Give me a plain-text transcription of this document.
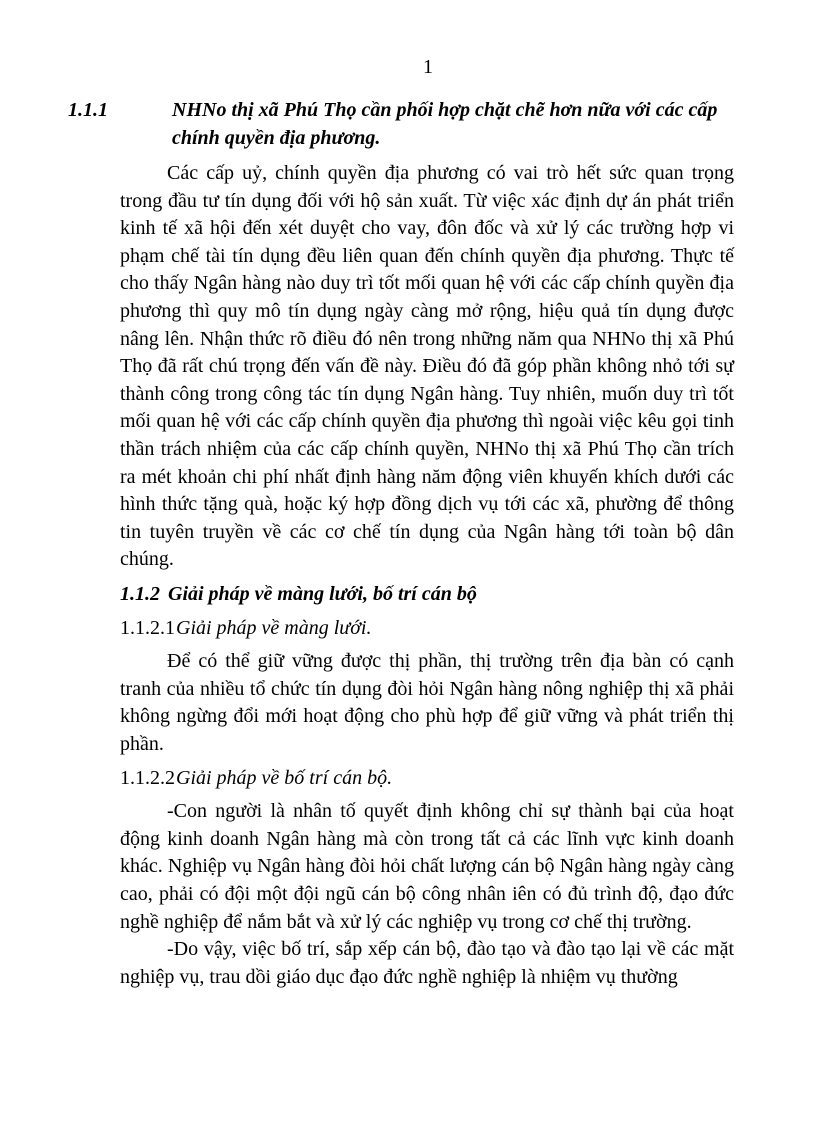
1

1.1.1	NHNo thị xã Phú Thọ cần phối hợp chặt chẽ hơn nữa với các cấp chính quyền địa phương.

Các cấp uỷ, chính quyền địa phương có vai trò hết sức quan trọng trong đầu tư tín dụng đối với hộ sản xuất. Từ việc xác định dự án phát triển kinh tế xã hội đến xét duyệt cho vay, đôn đốc và xử lý các trường hợp vi phạm chế tài tín dụng đều liên quan đến chính quyền địa phương. Thực tế cho thấy Ngân hàng nào duy trì tốt mối quan hệ với các cấp chính quyền địa phương thì quy mô tín dụng ngày càng mở rộng, hiệu quả tín dụng được nâng lên. Nhận thức rõ điều đó nên trong những năm qua NHNo thị xã Phú Thọ đã rất chú trọng đến vấn đề này. Điều đó đã góp phần không nhỏ tới sự thành công trong công tác tín dụng Ngân hàng. Tuy nhiên, muốn duy trì tốt mối quan hệ với các cấp chính quyền địa phương thì ngoài việc kêu gọi tinh thần trách nhiệm của các cấp chính quyền, NHNo thị xã Phú Thọ cần trích ra mét khoản chi phí nhất định hàng năm động viên khuyến khích dưới các hình thức tặng quà, hoặc ký hợp đồng dịch vụ tới các xã, phường để thông tin tuyên truyền về các cơ chế tín dụng của Ngân hàng tới toàn bộ dân chúng.

1.1.2 Giải pháp về màng lưới, bố trí cán bộ

1.1.2.1Giải pháp về màng lưới.

Để có thể giữ vững được thị phần, thị trường trên địa bàn có cạnh tranh của nhiều tổ chức tín dụng đòi hỏi Ngân hàng nông nghiệp thị xã phải không ngừng đổi mới hoạt động cho phù hợp để giữ vững và phát triển thị phần.

1.1.2.2Giải pháp về bố trí cán bộ.

-Con người là nhân tố quyết định không chỉ sự thành bại của hoạt động kinh doanh Ngân hàng mà còn trong tất cả các lĩnh vực kinh doanh khác. Nghiệp vụ Ngân hàng đòi hỏi chất lượng cán bộ Ngân hàng ngày càng cao, phải có đội một đội ngũ cán bộ công nhân iên có đủ trình độ, đạo đức nghề nghiệp để nắm bắt và xử lý các nghiệp vụ trong cơ chế thị trường.

-Do vậy, việc bố trí, sắp xếp cán bộ, đào tạo và đào tạo lại về các mặt nghiệp vụ, trau dồi giáo dục đạo đức nghề nghiệp là nhiệm vụ thường
